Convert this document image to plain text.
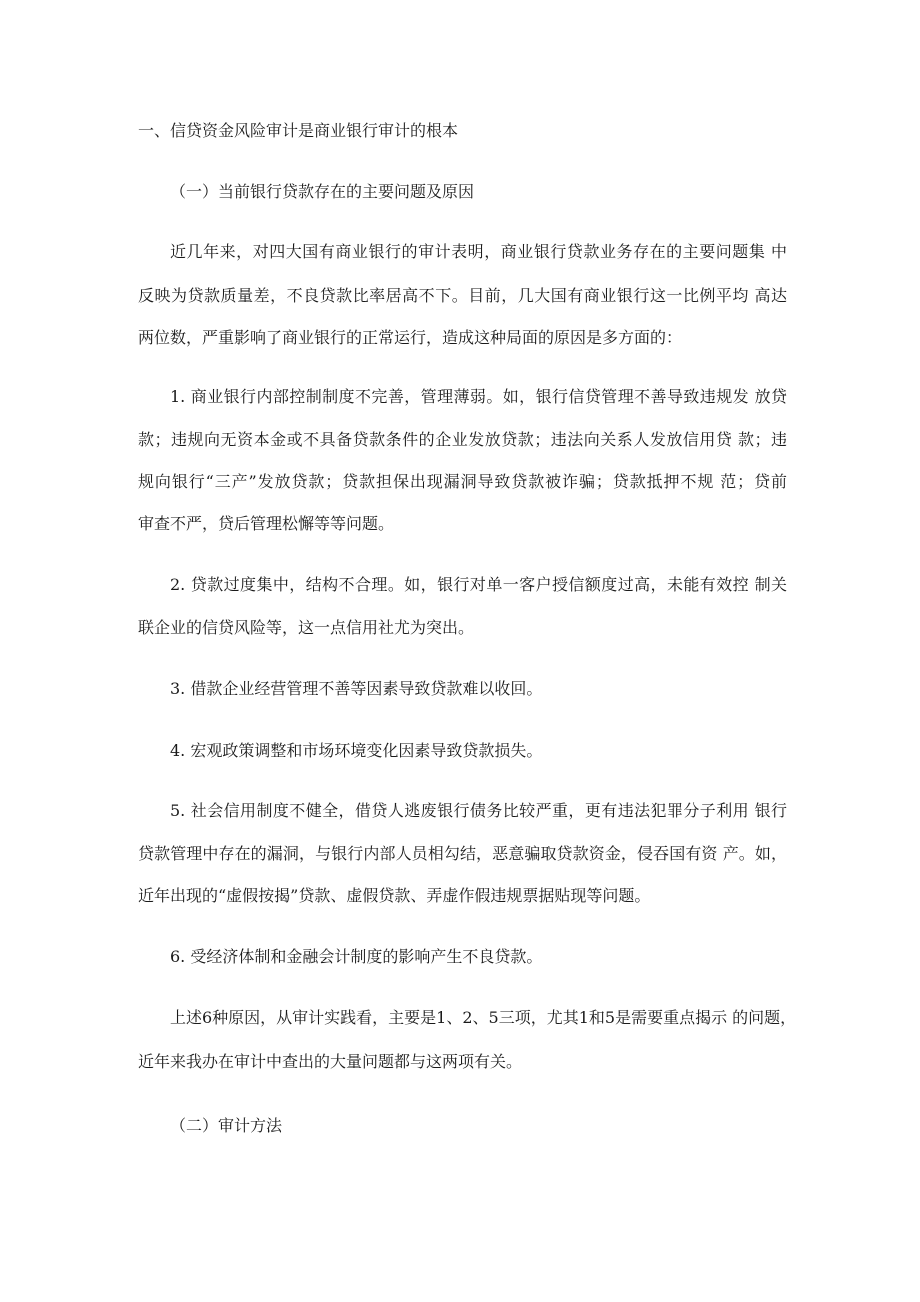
一、信贷资金风险审计是商业银行审计的根本
（一）当前银行贷款存在的主要问题及原因
近几年来，对四大国有商业银行的审计表明，商业银行贷款业务存在的主要问题集 中
反映为贷款质量差，不良贷款比率居高不下。目前，几大国有商业银行这一比例平均 高达
两位数，严重影响了商业银行的正常运行，造成这种局面的原因是多方面的：
1. 商业银行内部控制制度不完善，管理薄弱。如，银行信贷管理不善导致违规发 放贷
款；违规向无资本金或不具备贷款条件的企业发放贷款；违法向关系人发放信用贷 款；违
规向银行“三产”发放贷款；贷款担保出现漏洞导致贷款被诈骗；贷款抵押不规 范；贷前
审查不严，贷后管理松懈等等问题。
2. 贷款过度集中，结构不合理。如，银行对单一客户授信额度过高，未能有效控 制关
联企业的信贷风险等，这一点信用社尤为突出。
3. 借款企业经营管理不善等因素导致贷款难以收回。
4. 宏观政策调整和市场环境变化因素导致贷款损失。
5. 社会信用制度不健全，借贷人逃废银行债务比较严重，更有违法犯罪分子利用 银行
贷款管理中存在的漏洞，与银行内部人员相勾结，恶意骗取贷款资金，侵吞国有资 产。如，
近年出现的“虚假按揭”贷款、虚假贷款、弄虚作假违规票据贴现等问题。
6. 受经济体制和金融会计制度的影响产生不良贷款。
上述6种原因，从审计实践看，主要是1、2、5三项，尤其1和5是需要重点揭示 的问题，
近年来我办在审计中查出的大量问题都与这两项有关。
（二）审计方法
